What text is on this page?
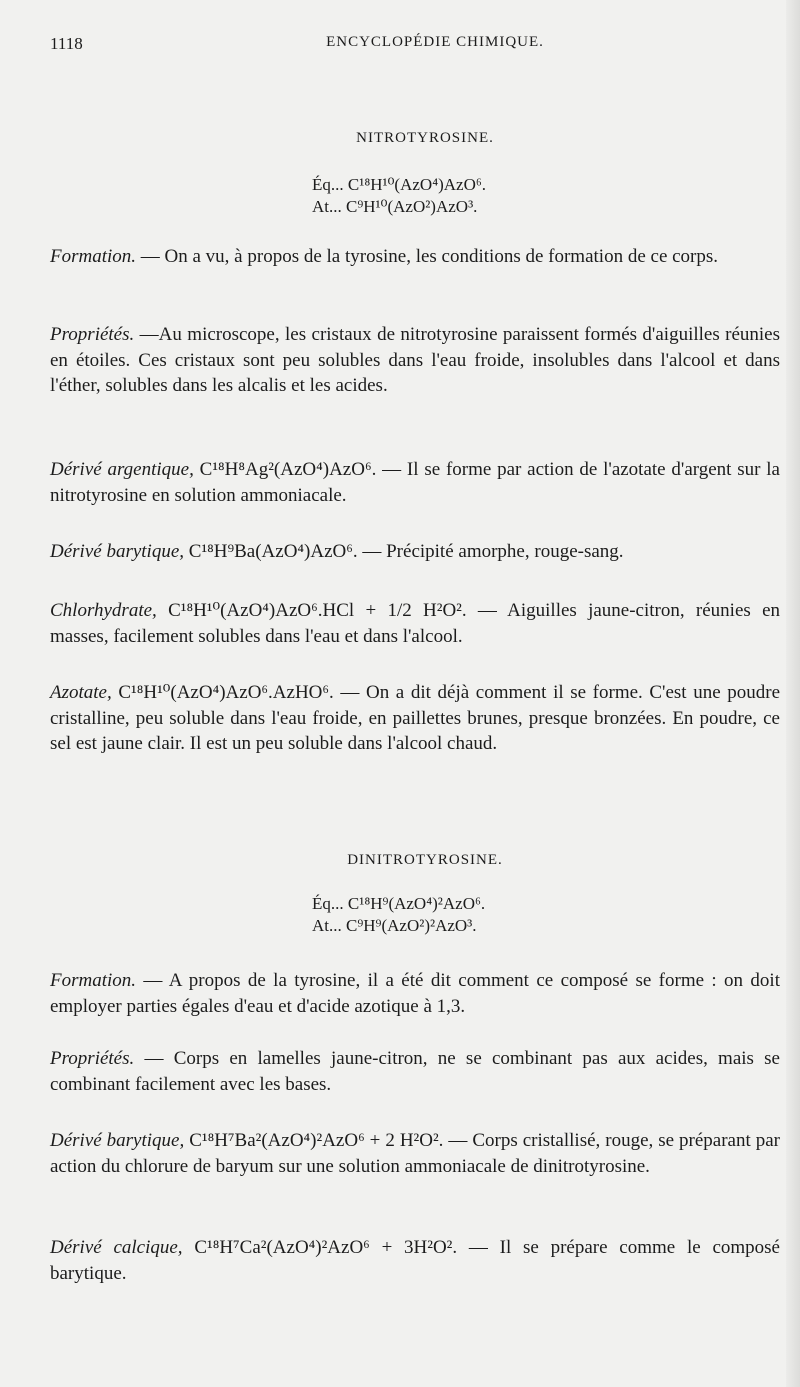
1118	ENCYCLOPÉDIE CHIMIQUE.
NITROTYROSINE.
Éq... C¹⁸H¹⁰(AzO⁴)AzO⁶.
At... C⁹H¹⁰(AzO²)AzO³.
Formation. — On a vu, à propos de la tyrosine, les conditions de formation de ce corps.
Propriétés. —Au microscope, les cristaux de nitrotyrosine paraissent formés d'aiguilles réunies en étoiles. Ces cristaux sont peu solubles dans l'eau froide, insolubles dans l'alcool et dans l'éther, solubles dans les alcalis et les acides.
Dérivé argentique, C¹⁸H⁸Ag²(AzO⁴)AzO⁶. — Il se forme par action de l'azotate d'argent sur la nitrotyrosine en solution ammoniacale.
Dérivé barytique, C¹⁸H⁹Ba(AzO⁴)AzO⁶. — Précipité amorphe, rouge-sang.
Chlorhydrate, C¹⁸H¹⁰(AzO⁴)AzO⁶.HCl + 1/2 H²O². — Aiguilles jaune-citron, réunies en masses, facilement solubles dans l'eau et dans l'alcool.
Azotate, C¹⁸H¹⁰(AzO⁴)AzO⁶.AzHO⁶. — On a dit déjà comment il se forme. C'est une poudre cristalline, peu soluble dans l'eau froide, en paillettes brunes, presque bronzées. En poudre, ce sel est jaune clair. Il est un peu soluble dans l'alcool chaud.
DINITROTYROSINE.
Éq... C¹⁸H⁹(AzO⁴)²AzO⁶.
At... C⁹H⁹(AzO²)²AzO³.
Formation. — A propos de la tyrosine, il a été dit comment ce composé se forme : on doit employer parties égales d'eau et d'acide azotique à 1,3.
Propriétés. — Corps en lamelles jaune-citron, ne se combinant pas aux acides, mais se combinant facilement avec les bases.
Dérivé barytique, C¹⁸H⁷Ba²(AzO⁴)²AzO⁶ + 2 H²O². — Corps cristallisé, rouge, se préparant par action du chlorure de baryum sur une solution ammoniacale de dinitrotyrosine.
Dérivé calcique, C¹⁸H⁷Ca²(AzO⁴)²AzO⁶ + 3H²O². — Il se prépare comme le composé barytique.
